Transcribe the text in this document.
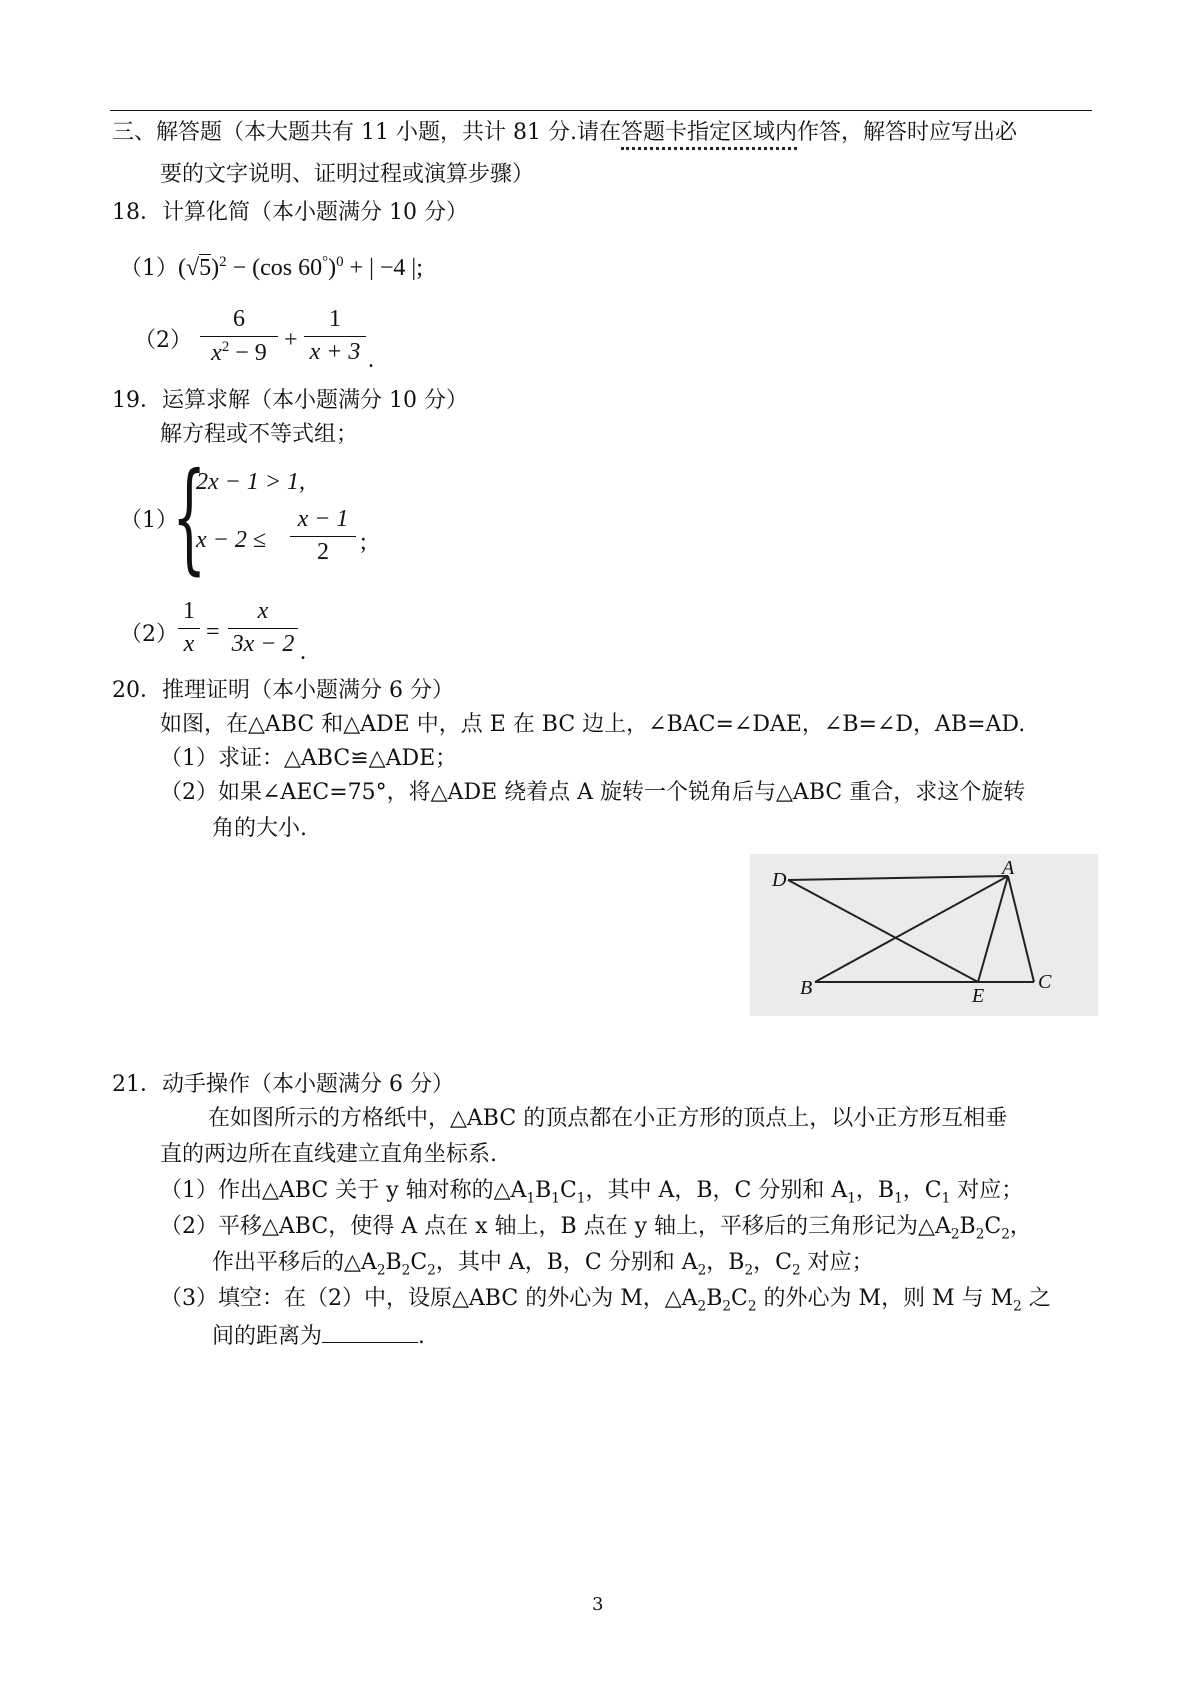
三、解答题（本大题共有 11 小题，共计 81 分.请在答题卡指定区域内作答，解答时应写出必
要的文字说明、证明过程或演算步骤）
18．计算化简（本小题满分 10 分）
$(1)(√5)^2 - (\cos$ 60°)$^0$ + | −4 |;
（2）
6
$x^2 - 9$ +
1
x + 3 .
19．运算求解（本小题满分 10 分）
解方程或不等式组；
（1）
{
2x − 1 > 1,
x − 2 ≤
x − 1
2	;
（2）
1
x =
x
3x − 2 .
20．推理证明（本小题满分 6 分）
如图，在△ABC 和△ADE 中，点 E 在 BC 边上，∠BAC=∠DAE，∠B=∠D，AB=AD.
（1）求证：△ABC≌△ADE；
（2）如果∠AEC=75°，将△ADE 绕着点 A 旋转一个锐角后与△ABC 重合，求这个旋转
角的大小.
D
A
B	E
C
21．动手操作（本小题满分 6 分）
在如图所示的方格纸中，△ABC 的顶点都在小正方形的顶点上，以小正方形互相垂
直的两边所在直线建立直角坐标系.
（1）作出△ABC 关于 y 轴对称的$\triangle A_1B_1C_1$，其中 A，B，C 分别和 $A_1$，$B_1$，$C_1$ 对应；
（2）平移△ABC，使得 A 点在 x 轴上，B 点在 y 轴上，平移后的三角形记为$\triangle A_2B_2C_2$，
作出平移后的$\triangle A_2B_2C_2$，其中 A，B，C 分别和 $A_2$，$B_2$，$C_2$ 对应；
（3）填空：在（2）中，设原△ABC 的外心为 M，$\triangle A_2B_2C_2$ 的外心为 M，则 M 与 $M_2$ 之
间的距离为	.
3
